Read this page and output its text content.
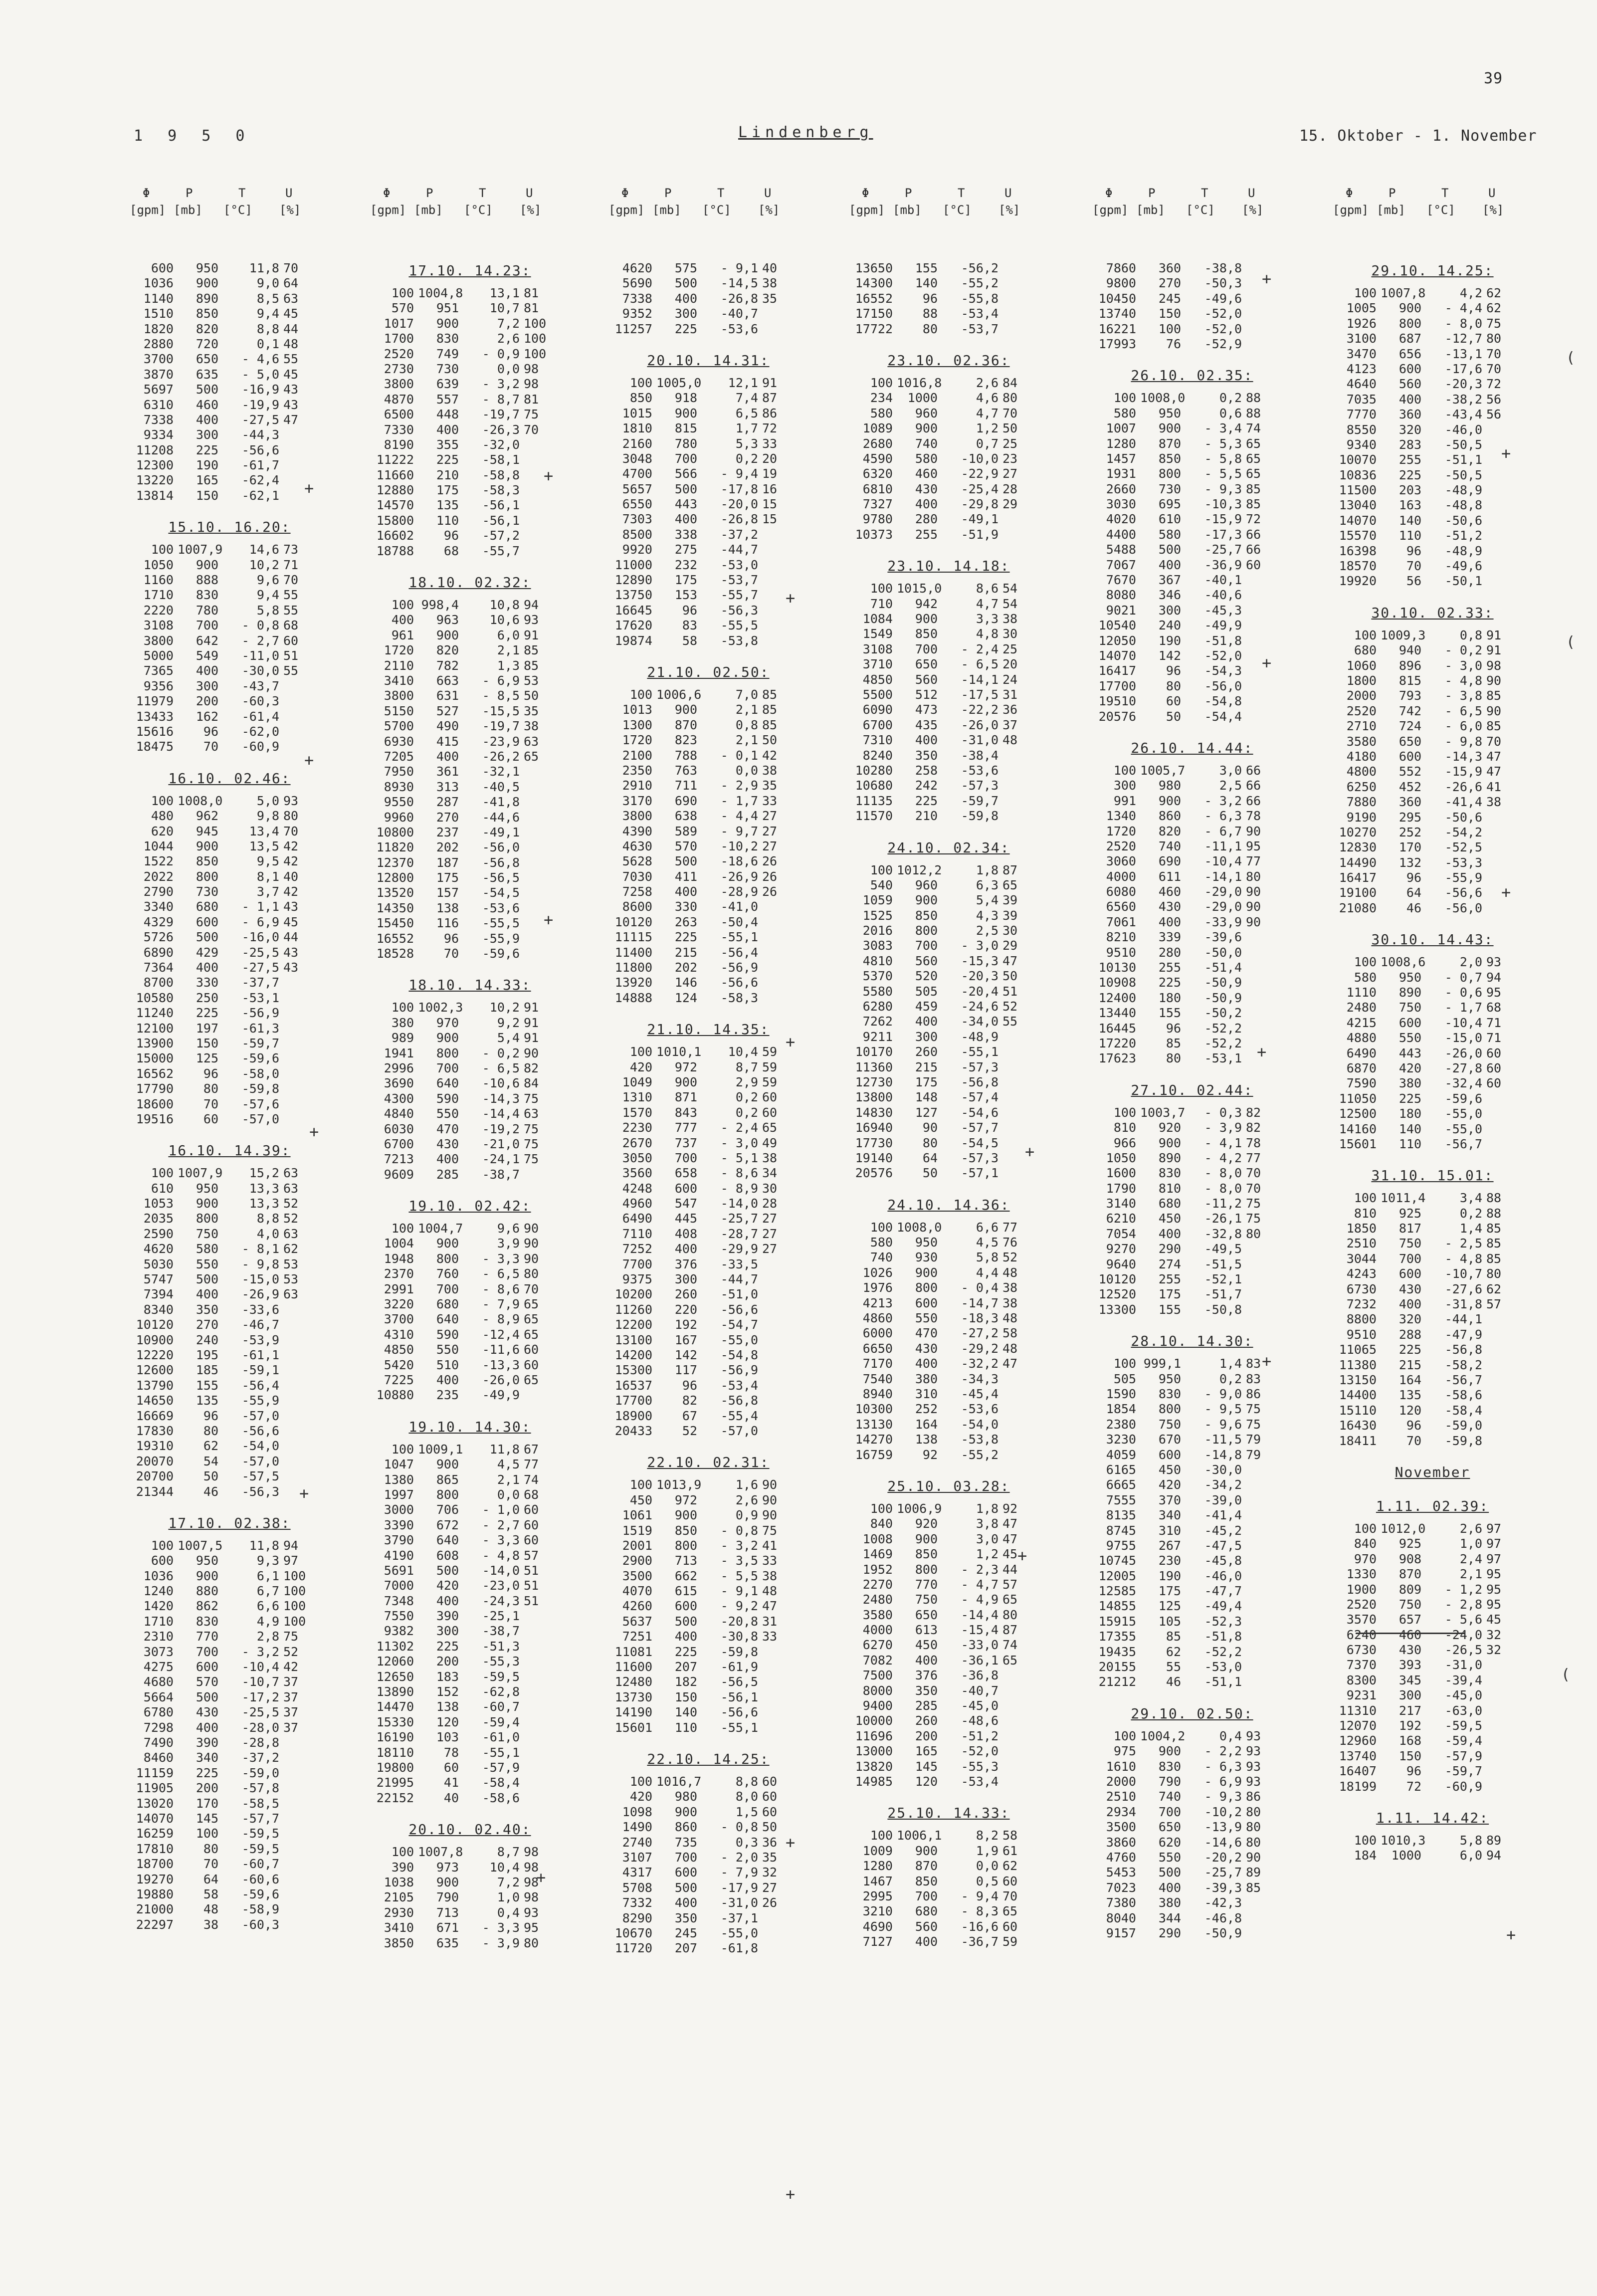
39
1 9 5 0	Lindenberg	15. Oktober - 1. November
Φ	P	T	U
[gpm] [mb] [°C] [%]
600	950	11,8 70
1036	900	9,0 64
1140	890	8,5 63
1510	850	9,4 45
1820	820	8,8 44
2880	720	0,1 48
3700	650	- 4,6 55
3870	635	- 5,0 45
5697	500	-16,9 43
6310	460	-19,9 43
7338	400	-27,5 47
9334	300	-44,3
11208	225	-56,6
12300	190	-61,7
13220	165	-62,4
13814	150	-62,1
15.10. 16.20:
100 1007,9	14,6 73
1050	900	10,2 71
1160	888	9,6 70
1710	830	9,4 55
2220	780	5,8 55
3108	700	- 0,8 68
3800	642	- 2,7 60
5000	549	-11,0 51
7365	400	-30,0 55
9356	300	-43,7
11979	200	-60,3
13433	162	-61,4
15616	96	-62,0
18475	70	-60,9
16.10. 02.46:
100 1008,0	5,0 93
480	962	9,8 80
620	945	13,4 70
1044	900	13,5 42
1522	850	9,5 42
2022	800	8,1 40
2790	730	3,7 42
3340	680	- 1,1 43
4329	600	- 6,9 45
5726	500	-16,0 44
6890	429	-25,5 43
7364	400	-27,5 43
8700	330	-37,7
10580	250	-53,1
11240	225	-56,9
12100	197	-61,3
13900	150	-59,7
15000	125	-59,6
16562	96	-58,0
17790	80	-59,8
18600	70	-57,6
19516	60	-57,0
16.10. 14.39:
100 1007,9	15,2 63
610	950	13,3 63
1053	900	13,3 52
2035	800	8,8 52
2590	750	4,0 63
4620	580	- 8,1 62
5030	550	- 9,8 53
5747	500	-15,0 53
7394	400	-26,9 63
8340	350	-33,6
10120	270	-46,7
10900	240	-53,9
12220	195	-61,1
12600	185	-59,1
13790	155	-56,4
14650	135	-55,9
16669	96	-57,0
17830	80	-56,6
19310	62	-54,0
20070	54	-57,0
20700	50	-57,5
21344	46	-56,3
17.10. 02.38:
100 1007,5	11,8 94
600	950	9,3 97
1036	900	6,1 100
1240	880	6,7 100
1420	862	6,6 100
1710	830	4,9 100
2310	770	2,8 75
3073	700	- 3,2 52
4275	600	-10,4 42
4680	570	-10,7 37
5664	500	-17,2 37
6780	430	-25,5 37
7298	400	-28,0 37
7490	390	-28,8
8460	340	-37,2
11159	225	-59,0
11905	200	-57,8
13020	170	-58,5
14070	145	-57,7
16259	100	-59,5
17810	80	-59,5
18700	70	-60,7
19270	64	-60,6
19880	58	-59,6
21000	48	-58,9
22297	38	-60,3
Φ	P	T	U
[gpm] [mb] [°C] [%]
17.10. 14.23:
100 1004,8	13,1 81
570	951	10,7 81
1017	900	7,2 100
1700	830	2,6 100
2520	749	- 0,9 100
2730	730	0,0 98
3800	639	- 3,2 98
4870	557	- 8,7 81
6500	448	-19,7 75
7330	400	-26,3 70
8190	355	-32,0
11222	225	-58,1
11660	210	-58,8
12880	175	-58,3
14570	135	-56,1
15800	110	-56,1
16602	96	-57,2
18788	68	-55,7
18.10. 02.32:
100 998,4	10,8 94
400	963	10,6 93
961	900	6,0 91
1720	820	2,1 85
2110	782	1,3 85
3410	663	- 6,9 53
3800	631	- 8,5 50
5150	527	-15,5 35
5700	490	-19,7 38
6930	415	-23,9 63
7205	400	-26,2 65
7950	361	-32,1
8930	313	-40,5
9550	287	-41,8
9960	270	-44,6
10800	237	-49,1
11820	202	-56,0
12370	187	-56,8
12800	175	-56,5
13520	157	-54,5
14350	138	-53,6
15450	116	-55,5
16552	96	-55,9
18528	70	-59,6
18.10. 14.33:
100 1002,3	10,2 91
380	970	9,2 91
989	900	5,4 91
1941	800	- 0,2 90
2996	700	- 6,5 82
3690	640	-10,6 84
4300	590	-14,3 75
4840	550	-14,4 63
6030	470	-19,2 75
6700	430	-21,0 75
7213	400	-24,1 75
9609	285	-38,7
19.10. 02.42:
100 1004,7	9,6 90
1004	900	3,9 90
1948	800	- 3,3 90
2370	760	- 6,5 80
2991	700	- 8,6 70
3220	680	- 7,9 65
3700	640	- 8,9 65
4310	590	-12,4 65
4850	550	-11,6 60
5420	510	-13,3 60
7225	400	-26,0 65
10880	235	-49,9
19.10. 14.30:
100 1009,1	11,8 67
1047	900	4,5 77
1380	865	2,1 74
1997	800	0,0 68
3000	706	- 1,0 60
3390	672	- 2,7 60
3790	640	- 3,3 60
4190	608	- 4,8 57
5691	500	-14,0 51
7000	420	-23,0 51
7348	400	-24,3 51
7550	390	-25,1
9382	300	-38,7
11302	225	-51,3
12060	200	-55,3
12650	183	-59,5
13890	152	-62,8
14470	138	-60,7
15330	120	-59,4
16190	103	-61,0
18110	78	-55,1
19800	60	-57,9
21995	41	-58,4
22152	40	-58,6
20.10. 02.40:
100 1007,8	8,7 98
390	973	10,4 98
1038	900	7,2 98
2105	790	1,0 98
2930	713	0,4 93
3410	671	- 3,3 95
3850	635	- 3,9 80
Φ	P	T	U
[gpm] [mb] [°C] [%]
4620	575	- 9,1 40
5690	500	-14,5 38
7338	400	-26,8 35
9352	300	-40,7
11257	225	-53,6
20.10. 14.31:
100 1005,0	12,1 91
850	918	7,4 87
1015	900	6,5 86
1810	815	1,7 72
2160	780	5,3 33
3048	700	0,2 20
4700	566	- 9,4 19
5657	500	-17,8 16
6550	443	-20,0 15
7303	400	-26,8 15
8500	338	-37,2
9920	275	-44,7
11000	232	-53,0
12890	175	-53,7
13750	153	-55,7
16645	96	-56,3
17620	83	-55,5
19874	58	-53,8
21.10. 02.50:
100 1006,6	7,0 85
1013	900	2,1 85
1300	870	0,8 85
1720	823	2,1 50
2100	788	- 0,1 42
2350	763	0,0 38
2910	711	- 2,9 35
3170	690	- 1,7 33
3800	638	- 4,4 27
4390	589	- 9,7 27
4630	570	-10,2 27
5628	500	-18,6 26
7030	411	-26,9 26
7258	400	-28,9 26
8600	330	-41,0
10120	263	-50,4
11115	225	-55,1
11400	215	-56,4
11800	202	-56,9
13920	146	-56,6
14888	124	-58,3
21.10. 14.35:
100 1010,1	10,4 59
420	972	8,7 59
1049	900	2,9 59
1310	871	0,2 60
1570	843	0,2 60
2230	777	- 2,4 65
2670	737	- 3,0 49
3050	700	- 5,1 38
3560	658	- 8,6 34
4248	600	- 8,9 30
4960	547	-14,0 28
6490	445	-25,7 27
7110	408	-28,7 27
7252	400	-29,9 27
7700	376	-33,5
9375	300	-44,7
10200	260	-51,0
11260	220	-56,6
12200	192	-54,7
13100	167	-55,0
14200	142	-54,8
15300	117	-56,9
16537	96	-53,4
17700	82	-56,8
18900	67	-55,4
20433	52	-57,0
22.10. 02.31:
100 1013,9	1,6 90
450	972	2,6 90
1061	900	0,9 90
1519	850	- 0,8 75
2001	800	- 3,2 41
2900	713	- 3,5 33
3500	662	- 5,5 38
4070	615	- 9,1 48
4260	600	- 9,2 47
5637	500	-20,8 31
7251	400	-30,8 33
11081	225	-59,8
11600	207	-61,9
12480	182	-56,5
13730	150	-56,1
14190	140	-56,6
15601	110	-55,1
22.10. 14.25:
100 1016,7	8,8 60
420	980	8,0 60
1098	900	1,5 60
1490	860	- 0,8 50
2740	735	0,3 36
3107	700	- 2,0 35
4317	600	- 7,9 32
5708	500	-17,9 27
7332	400	-31,0 26
8290	350	-37,1
10670	245	-55,0
11720	207	-61,8
Φ	P	T	U
[gpm] [mb] [°C] [%]
13650	155	-56,2
14300	140	-55,2
16552	96	-55,8
17150	88	-53,4
17722	80	-53,7
23.10. 02.36:
100 1016,8	2,6 84
234	1000	4,6 80
580	960	4,7 70
1089	900	1,2 50
2680	740	0,7 25
4590	580	-10,0 23
6320	460	-22,9 27
6810	430	-25,4 28
7327	400	-29,8 29
9780	280	-49,1
10373	255	-51,9
23.10. 14.18:
100 1015,0	8,6 54
710	942	4,7 54
1084	900	3,3 38
1549	850	4,8 30
3108	700	- 2,4 25
3710	650	- 6,5 20
4850	560	-14,1 24
5500	512	-17,5 31
6090	473	-22,2 36
6700	435	-26,0 37
7310	400	-31,0 48
8240	350	-38,4
10280	258	-53,6
10680	242	-57,3
11135	225	-59,7
11570	210	-59,8
24.10. 02.34:
100 1012,2	1,8 87
540	960	6,3 65
1059	900	5,4 39
1525	850	4,3 39
2016	800	2,5 30
3083	700	- 3,0 29
4810	560	-15,3 47
5370	520	-20,3 50
5580	505	-20,4 51
6280	459	-24,6 52
7262	400	-34,0 55
9211	300	-48,9
10170	260	-55,1
11360	215	-57,3
12730	175	-56,8
13800	148	-57,4
14830	127	-54,6
16940	90	-57,7
17730	80	-54,5
19140	64	-57,3
20576	50	-57,1
24.10. 14.36:
100 1008,0	6,6 77
580	950	4,5 76
740	930	5,8 52
1026	900	4,4 48
1976	800	- 0,4 38
4213	600	-14,7 38
4860	550	-18,3 48
6000	470	-27,2 58
6650	430	-29,2 48
7170	400	-32,2 47
7540	380	-34,3
8940	310	-45,4
10300	252	-53,6
13130	164	-54,0
14270	138	-53,8
16759	92	-55,2
25.10. 03.28:
100 1006,9	1,8 92
840	920	3,8 47
1008	900	3,0 47
1469	850	1,2 45
1952	800	- 2,3 44
2270	770	- 4,7 57
2480	750	- 4,9 65
3580	650	-14,4 80
4000	613	-15,4 87
6270	450	-33,0 74
7082	400	-36,1 65
7500	376	-36,8
8000	350	-40,7
9400	285	-45,0
10000	260	-48,6
11696	200	-51,2
13000	165	-52,0
13820	145	-55,3
14985	120	-53,4
25.10. 14.33:
100 1006,1	8,2 58
1009	900	1,9 61
1280	870	0,0 62
1467	850	0,5 60
2995	700	- 9,4 70
3210	680	- 8,3 65
4690	560	-16,6 60
7127	400	-36,7 59
Φ	P	T	U
[gpm] [mb] [°C] [%]
7860	360	-38,8
9800	270	-50,3
10450	245	-49,6
13740	150	-52,0
16221	100	-52,0
17993	76	-52,9
26.10. 02.35:
100 1008,0	0,2 88
580	950	0,6 88
1007	900	- 3,4 74
1280	870	- 5,3 65
1457	850	- 5,8 65
1931	800	- 5,5 65
2660	730	- 9,3 85
3030	695	-10,3 85
4020	610	-15,9 72
4400	580	-17,3 66
5488	500	-25,7 66
7067	400	-36,9 60
7670	367	-40,1
8080	346	-40,6
9021	300	-45,3
10540	240	-49,9
12050	190	-51,8
14070	142	-52,0
16417	96	-54,3
17700	80	-56,0
19510	60	-54,8
20576	50	-54,4
26.10. 14.44:
100 1005,7	3,0 66
300	980	2,5 66
991	900	- 3,2 66
1340	860	- 6,3 78
1720	820	- 6,7 90
2520	740	-11,1 95
3060	690	-10,4 77
4000	611	-14,1 80
6080	460	-29,0 90
6560	430	-29,0 90
7061	400	-33,9 90
8210	339	-39,6
9510	280	-50,0
10130	255	-51,4
10908	225	-50,9
12400	180	-50,9
13440	155	-50,2
16445	96	-52,2
17220	85	-52,2
17623	80	-53,1
27.10. 02.44:
100 1003,7	- 0,3 82
810	920	- 3,9 82
966	900	- 4,1 78
1050	890	- 4,2 77
1600	830	- 8,0 70
1790	810	- 8,0 70
3140	680	-11,2 75
6210	450	-26,1 75
7054	400	-32,8 80
9270	290	-49,5
9640	274	-51,5
10120	255	-52,1
12520	175	-51,7
13300	155	-50,8
28.10. 14.30:
100 999,1	1,4 83
505	950	0,2 83
1590	830	- 9,0 86
1854	800	- 9,5 75
2380	750	- 9,6 75
3230	670	-11,5 79
4059	600	-14,8 79
6165	450	-30,0
6665	420	-34,2
7555	370	-39,0
8135	340	-41,4
8745	310	-45,2
9755	267	-47,5
10745	230	-45,8
12005	190	-46,0
12585	175	-47,7
14855	125	-49,4
15915	105	-52,3
17355	85	-51,8
19435	62	-52,2
20155	55	-53,0
21212	46	-51,1
29.10. 02.50:
100 1004,2	0,4 93
975	900	- 2,2 93
1610	830	- 6,3 93
2000	790	- 6,9 93
2510	740	- 9,3 86
2934	700	-10,2 80
3500	650	-13,9 80
3860	620	-14,6 80
4760	550	-20,2 90
5453	500	-25,7 89
7023	400	-39,3 85
7380	380	-42,3
8040	344	-46,8
9157	290	-50,9
Φ	P	T	U
[gpm] [mb] [°C] [%]
29.10. 14.25:
100 1007,8	4,2 62
1005	900	- 4,4 62
1926	800	- 8,0 75
3100	687	-12,7 80
3470	656	-13,1 70
4123	600	-17,6 70
4640	560	-20,3 72
7035	400	-38,2 56
7770	360	-43,4 56
8550	320	-46,0
9340	283	-50,5
10070	255	-51,1
10836	225	-50,5
11500	203	-48,9
13040	163	-48,8
14070	140	-50,6
15570	110	-51,2
16398	96	-48,9
18570	70	-49,6
19920	56	-50,1
30.10. 02.33:
100 1009,3	0,8 91
680	940	- 0,2 91
1060	896	- 3,0 98
1800	815	- 4,8 90
2000	793	- 3,8 85
2520	742	- 6,5 90
2710	724	- 6,0 85
3580	650	- 9,8 70
4180	600	-14,3 47
4800	552	-15,9 47
6250	452	-26,6 41
7880	360	-41,4 38
9190	295	-50,6
10270	252	-54,2
12830	170	-52,5
14490	132	-53,3
16417	96	-55,9
19100	64	-56,6
21080	46	-56,0
30.10. 14.43:
100 1008,6	2,0 93
580	950	- 0,7 94
1110	890	- 0,6 95
2480	750	- 1,7 68
4215	600	-10,4 71
4880	550	-15,0 71
6490	443	-26,0 60
6870	420	-27,8 60
7590	380	-32,4 60
11050	225	-59,6
12500	180	-55,0
14160	140	-55,0
15601	110	-56,7
31.10. 15.01:
100 1011,4	3,4 88
810	925	0,2 88
1850	817	1,4 85
2510	750	- 2,5 85
3044	700	- 4,8 85
4243	600	-10,7 80
6730	430	-27,6 62
7232	400	-31,8 57
8800	320	-44,1
9510	288	-47,9
11065	225	-56,8
11380	215	-58,2
13150	164	-56,7
14400	135	-58,6
15110	120	-58,4
16430	96	-59,0
18411	70	-59,8
November
1.11. 02.39:
100 1012,0	2,6 97
840	925	1,0 97
970	908	2,4 97
1330	870	2,1 95
1900	809	- 1,2 95
2520	750	- 2,8 95
3570	657	- 5,6 45
6240	460	-24,0 32
6730	430	-26,5 32
7370	393	-31,0
8300	345	-39,4
9231	300	-45,0
11310	217	-63,0
12070	192	-59,5
12960	168	-59,4
13740	150	-57,9
16407	96	-59,7
18199	72	-60,9
1.11. 14.42:
100 1010,3	5,8 89
184	1000	6,0 94
+
+
+
+
+
+
+
+
+
+
+
+
+
+
+
+
+
+
+
+
(
(
(
